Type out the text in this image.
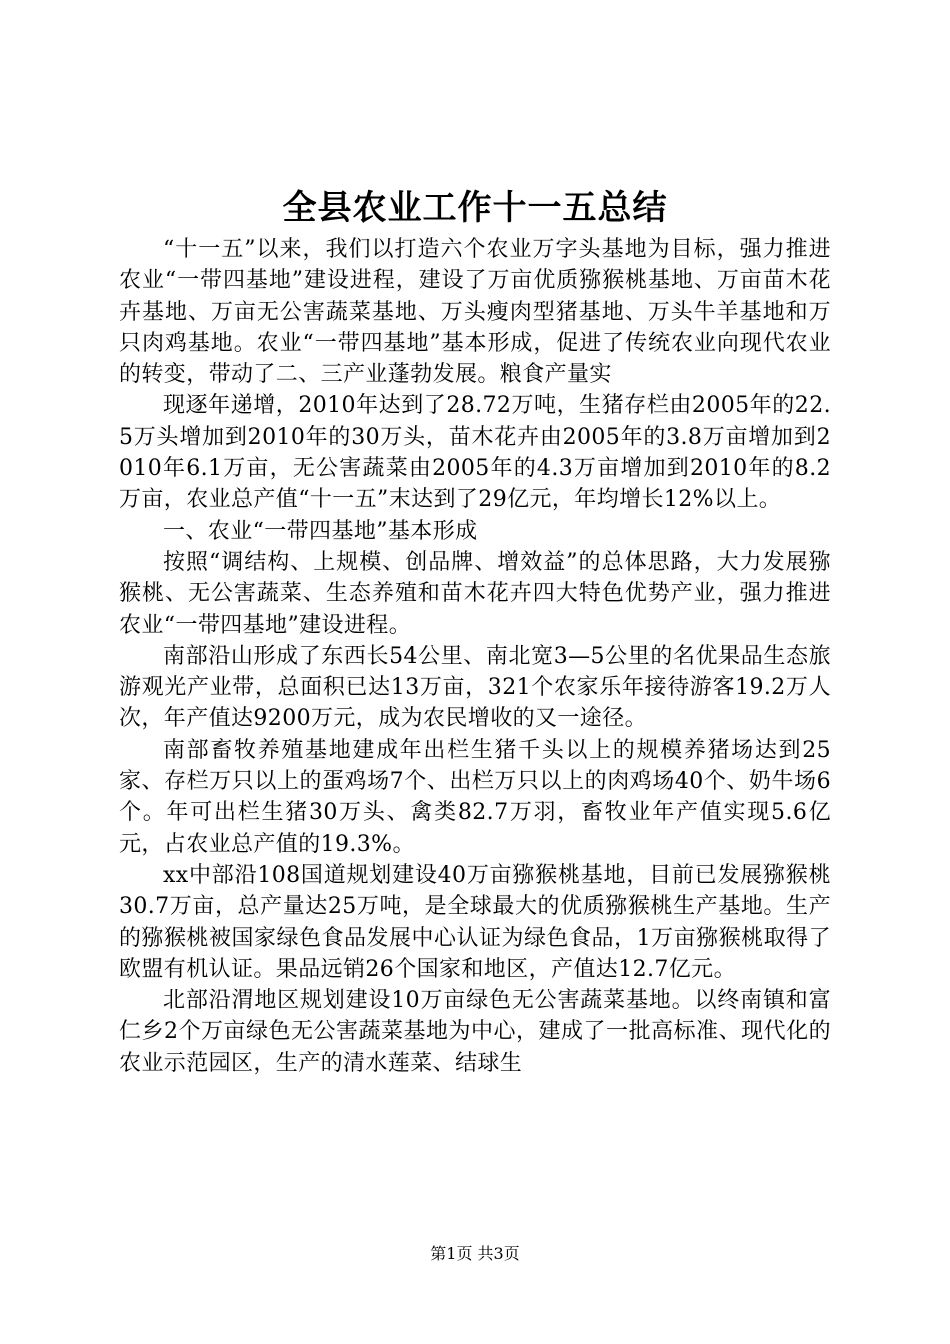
全县农业工作十一五总结

“十一五”以来，我们以打造六个农业万字头基地为目标，强力推进农业“一带四基地”建设进程，建设了万亩优质猕猴桃基地、万亩苗木花卉基地、万亩无公害蔬菜基地、万头瘦肉型猪基地、万头牛羊基地和万只肉鸡基地。农业“一带四基地”基本形成，促进了传统农业向现代农业的转变，带动了二、三产业蓬勃发展。粮食产量实

现逐年递增，2010年达到了28.72万吨，生猪存栏由2005年的22.5万头增加到2010年的30万头，苗木花卉由2005年的3.8万亩增加到2010年6.1万亩，无公害蔬菜由2005年的4.3万亩增加到2010年的8.2万亩，农业总产值“十一五”末达到了29亿元，年均增长12%以上。

一、农业“一带四基地”基本形成

按照“调结构、上规模、创品牌、增效益”的总体思路，大力发展猕猴桃、无公害蔬菜、生态养殖和苗木花卉四大特色优势产业，强力推进农业“一带四基地”建设进程。

南部沿山形成了东西长54公里、南北宽3—5公里的名优果品生态旅游观光产业带，总面积已达13万亩，321个农家乐年接待游客19.2万人次，年产值达9200万元，成为农民增收的又一途径。

南部畜牧养殖基地建成年出栏生猪千头以上的规模养猪场达到25家、存栏万只以上的蛋鸡场7个、出栏万只以上的肉鸡场40个、奶牛场6个。年可出栏生猪30万头、禽类82.7万羽，畜牧业年产值实现5.6亿元，占农业总产值的19.3%。

xx中部沿108国道规划建设40万亩猕猴桃基地，目前已发展猕猴桃30.7万亩，总产量达25万吨，是全球最大的优质猕猴桃生产基地。生产的猕猴桃被国家绿色食品发展中心认证为绿色食品，1万亩猕猴桃取得了欧盟有机认证。果品远销26个国家和地区，产值达12.7亿元。

北部沿渭地区规划建设10万亩绿色无公害蔬菜基地。以终南镇和富仁乡2个万亩绿色无公害蔬菜基地为中心，建成了一批高标准、现代化的农业示范园区，生产的清水莲菜、结球生

第1页 共3页
